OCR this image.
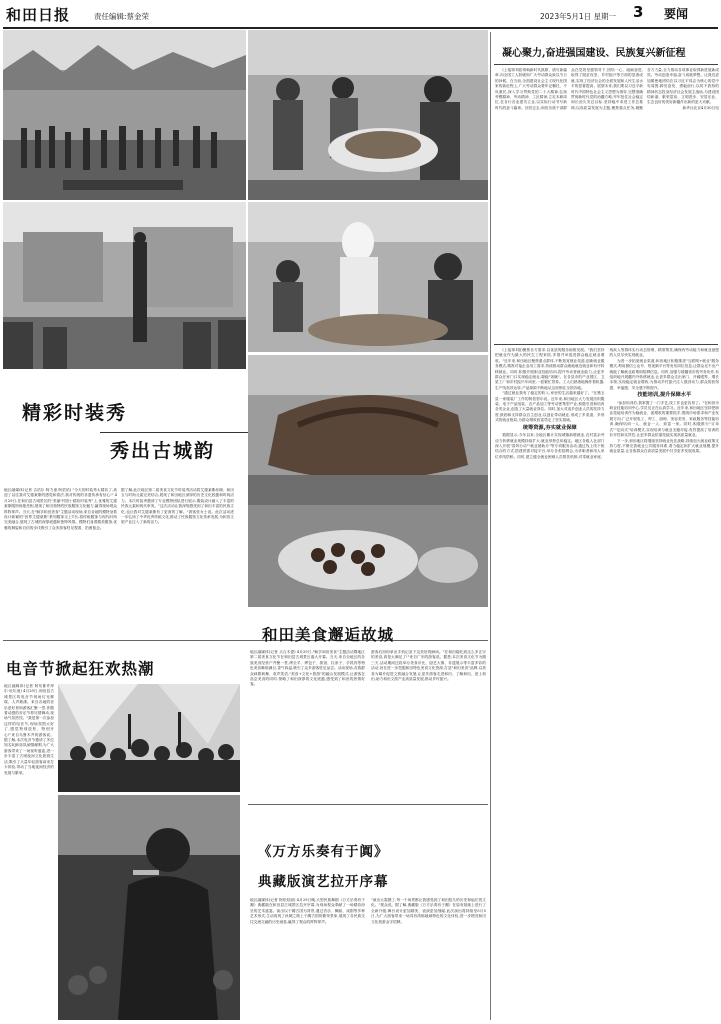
和田日报	责任编辑:蔡金荣	2023年5月1日 星期一 3 要闻
精彩时装秀
秀出古城韵
地区融媒体(记者 吉祜尔·阿力甫 阿依姑) "今天的时装秀太精彩了,欢迎了以往我对艾德莱斯的感觉和看法,我对传统的非遗传承有信心!" 4月29日,在和田县古城景区的"美丽中国行·精彩时装秀"上,优雅的艾德莱斯服饰惊艳亮相,展现了和田独特的民族服饰文化魅力,赢得现场观众阵阵掌声。当天,在"畅享和田美食"主题活动现场,来自各地的模特身着设计新颖的"世界艾德莱斯"系列服饰走上T台,将传统服饰与现代时尚完美融合,展现了古城的深厚底蕴和独特风情。模特们身着精美服饰,优雅的舞姿和自信的步伐吸引了众多游客驻足观看、拍照留念。
据了解,此次地区第二届美食文化节时装秀活动将艾德莱斯丝绸、和田玉与时尚元素完美结合,展现了和田地区深厚的历史文化底蕴和时尚活力。本次时装秀邀请了专业模特团队进行展示,服装设计融入了丰富的民族元素和现代审美。"这次活动让我深刻感受到了和田丰富的民族文化,也让我对艾德莱斯有了更深的了解。"游客张女士说。此次活动进一步弘扬了中华优秀传统文化,推动了民族服饰文化传承发展,为和田文旅产业注入了新的活力。
电音节掀起狂欢热潮
地区融媒体(记者 阿布都许库尔·吐尔逊) 4月29日,和田县古城景区的电音节现场灯光璀璨、人声鼎沸。来自各地的音乐爱好者和游客汇聚一堂,伴随着动感的音乐节奏尽情舞动,现场气氛热烈。"我是第一次参加这样的电音节,现场氛围太好了,感觉特别放松、特别开心!"来自乌鲁木齐的游客说。据了解,本次电音节邀请了多位知名DJ和乐队倾情献唱,为广大游客带来了一场视听盛宴,进一步丰富了古城夜间文化旅游生活,吸引了大量年轻游客前来打卡体验,带动了当地夜间经济的发展与繁荣。
和田美食邂逅故城
地区融媒体(记者 买合木提) 4月29日,"畅享和田美食"主题活动暨地区第二届美食文化节在和田县古城景区盛大开幕。当天,来自全地区的各族美食经营户齐聚一堂,烤全羊、烤包子、抓饭、拉条子、手抓肉等特色美食琳琅满目,香气四溢,吸引了众多游客驻足品尝。活动现场,各族群众载歌载舞、欢声笑语,"美食+文化+旅游"的融合发展模式,让游客在品尝美食的同时,领略了和田深厚的文化底蕴,感受到了和田的热情好客。
游客们纷纷拿出手机记录下这美好的瞬间。"在和田能吃到这么多正宗的美食,真是太满足了!"来自广东的游客说。据悉,本次美食文化节为期三天,活动期间还将举办美食评比、厨艺大赛、非遗展示等丰富多彩的活动,旨在进一步挖掘和田特色美食文化资源,打造"和田美食"品牌,以美食为媒介促进文旅融合发展,让更多游客走进和田、了解和田、爱上和田,助力和田文旅产业高质量发展,推动乡村振兴。
《万方乐奏有于阗》
典藏版演艺拉开序幕
地区融媒体(记者 阿依姑丽) 4月29日晚,大型民族舞剧《万方乐奏有于阗》典藏版在和田县古城景区拉开序幕,为现场观众奉献了一场精彩纷呈的艺术盛宴。演出以于阗古国为背景,通过音乐、舞蹈、戏剧等多种艺术形式,生动再现了丝绸之路上于阗古国的繁荣景象,展现了各民族交往交流交融的历史画卷,赢得了观众的阵阵掌声。
"演出太震撼了,每一个场景都让我感受到了和田悠久的历史和灿烂的文化。"观众说。据了解,典藏版《万方乐奏有于阗》在原有基础上进行了全新升级,舞台设计更加精美、表演更加细腻,此次演出将持续至5月5日,为广大游客带来一场具有浓郁地域特色的文化体验,进一步擦亮和田文化旅游金字招牌。
凝心聚力,奋进强国建设、民族复兴新征程

(上接第1版)奏响新时代凯歌、谱写新篇章,向全国工人阶级和广大劳动群众致以节日的问候。在当前,全面建设社会主义现代化国家的新征程上,广大劳动群众要牢记嘱托、不负重托,深入学习贯彻党的二十大精神,弘扬劳模精神、劳动精神、工匠精神,立足本职岗位,在各行各业建功立业,以实际行动书写新时代的奋斗篇章。回首过去,和田各族干部群众在党的坚强领导下,团结一心、砥砺奋进,取得了脱贫攻坚、乡村振兴等方面的显著成就,实现了经济社会的全面发展和人民生活水平的显著提高。展望未来,我们要以习近平新时代中国特色社会主义思想为指导,完整准确贯彻新时代党的治疆方略,牢牢扭住社会稳定和长治久安总目标,坚持稳中求进工作总基调,以高质量发展为主题,聚焦重点任务,凝聚各方力量,全力推动各项事业取得新进展新成效。劳动创造幸福,奋斗成就梦想。让我们更加紧密地团结在以习近平同志为核心的党中央周围,踔厉奋发、勇毅前行,以时不我待的精神状态投身经济社会发展主战场,为建设团结和谐、繁荣富裕、文明进步、安居乐业、生态良好的美好新疆作出新的更大贡献。

新华社北京4月30日电

(上接第1版)聚焦各方需求,以优质的服务助推发展。"我们坚持把就业作为最大的民生工程来抓,多措并举促进群众稳定就业增收。"近年来,和田地区聚焦重点群体,不断拓宽就业渠道,创新就业服务模式,精准对接企业用工需求,持续推动群众就地就近就业和有序转移就业。同时,积极开展职业技能培训,提升劳动者就业能力,让更多群众在家门口实现稳定就业,端稳"饭碗"。在各县市的产业园区、卫星工厂和乡村振兴车间里,一派繁忙景象。工人们熟练地操作着机器,生产线高效运转,产品源源不断地从这里销往全国各地。

"通过就业我有了稳定的收入,家里的生活越来越好了。"在墨玉县一家服装厂工作的阿依努尔说。近年来,和田地区大力发展纺织服装、电子产品组装、农产品加工等劳动密集型产业,积极引进和培育各类企业,创造了大量就业岗位。同时,加大对返乡创业人员的扶持力度,鼓励和支持群众自主创业,以创业带动就业,形成了多渠道、多形式的就业格局,为群众增收致富奠定了坚实基础。

统筹资源,夯实就业保障

数据显示,今年以来,全地区累计实现城镇新增就业,农村富余劳动力转移就业规模持续扩大,就业形势总体稳定。地区各级人社部门深入开展"春风行动""就业援助月"等专项服务活动,通过线上线下相结合的方式,搭建供需对接平台,举办各类招聘会,为求职者和用人单位牵线搭桥。同时,建立健全就业困难人员帮扶机制,对零就业家庭、残疾人等群体实行动态管理、精准帮扶,确保有劳动能力和就业意愿的人员尽快实现就业。

为进一步拓宽就业渠道,和田地区积极推进"互联网+就业"服务模式,利用微信公众号、短视频平台等发布岗位信息,让群众足不出户就能了解就业政策和招聘信息。同时,加强与援疆省市的劳务协作,有组织地开展疆内外转移就业,让更多群众走出家门、开阔眼界、增长本领,实现稳定就业增收,为推动乡村振兴注入强劲动力,群众的获得感、幸福感、安全感不断提升。

技能培训,提升保障水平

"参加培训后,我掌握了一门手艺,找工作也更容易了。"在和田市职业技能培训中心,学员们正在认真学习。近年来,和田地区坚持把职业技能培训作为稳就业、促增收的重要抓手,围绕市场需求和产业发展方向,广泛开展电工、焊工、厨师、美容美发、家政服务等技能培训,确保培训一人、就业一人、致富一家。同时,积极推行"订单式""定向式"培训模式,实现培训与就业无缝对接,有效提高了培训的针对性和实效性,让更多群众依靠技能实现高质量就业。

下一步,和田地区将继续坚持就业优先战略,持续加大就业政策支持力度,不断完善就业公共服务体系,着力稳定和扩大就业规模,提升就业质量,让各族群众在高质量发展中共享更多发展成果。
